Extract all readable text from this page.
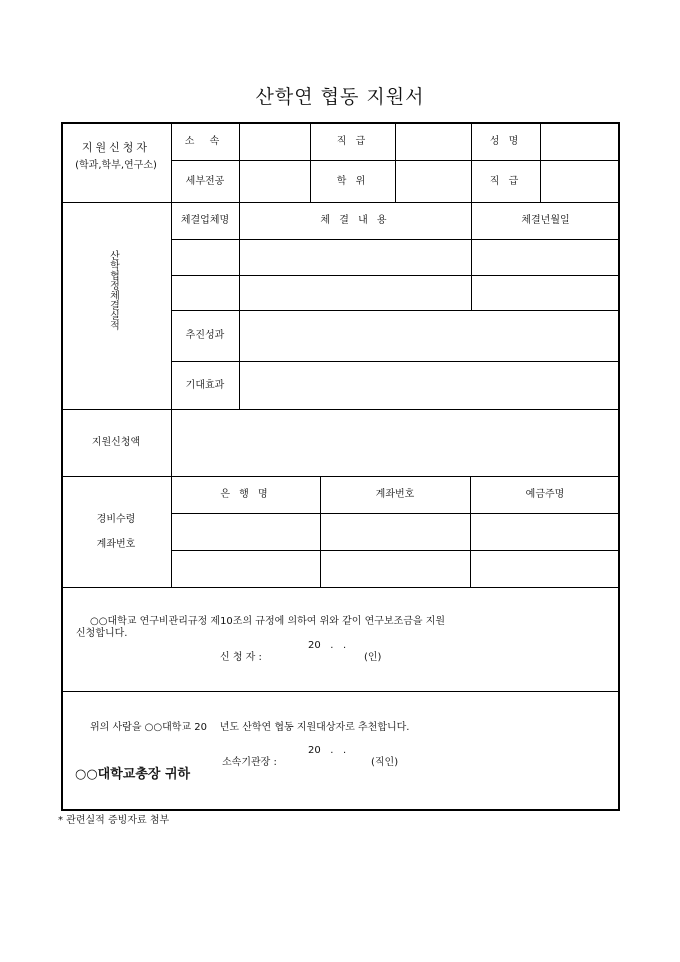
산학연 협동 지원서
지원신청자
(학과,학부,연구소)
소 속	직 급	성 명
세부전공	학 위	직 급
산학협정체결실적
체결업체명	체 결 내 용	체결년월일
추진성과
기대효과
지원신청액
경비수령
계좌번호
은 행 명	계좌번호	예금주명
○○대학교 연구비관리규정 제10조의 규정에 의하여 위와 같이 연구보조금을 지원
신청합니다.
20   .   .
신 청 자 :	(인)
위의 사람을 ○○대학교 20    년도 산학연 협동 지원대상자로 추천합니다.
20   .   .
소속기관장 :	(직인)
○○대학교총장 귀하
* 관련실적 증빙자료 첨부
